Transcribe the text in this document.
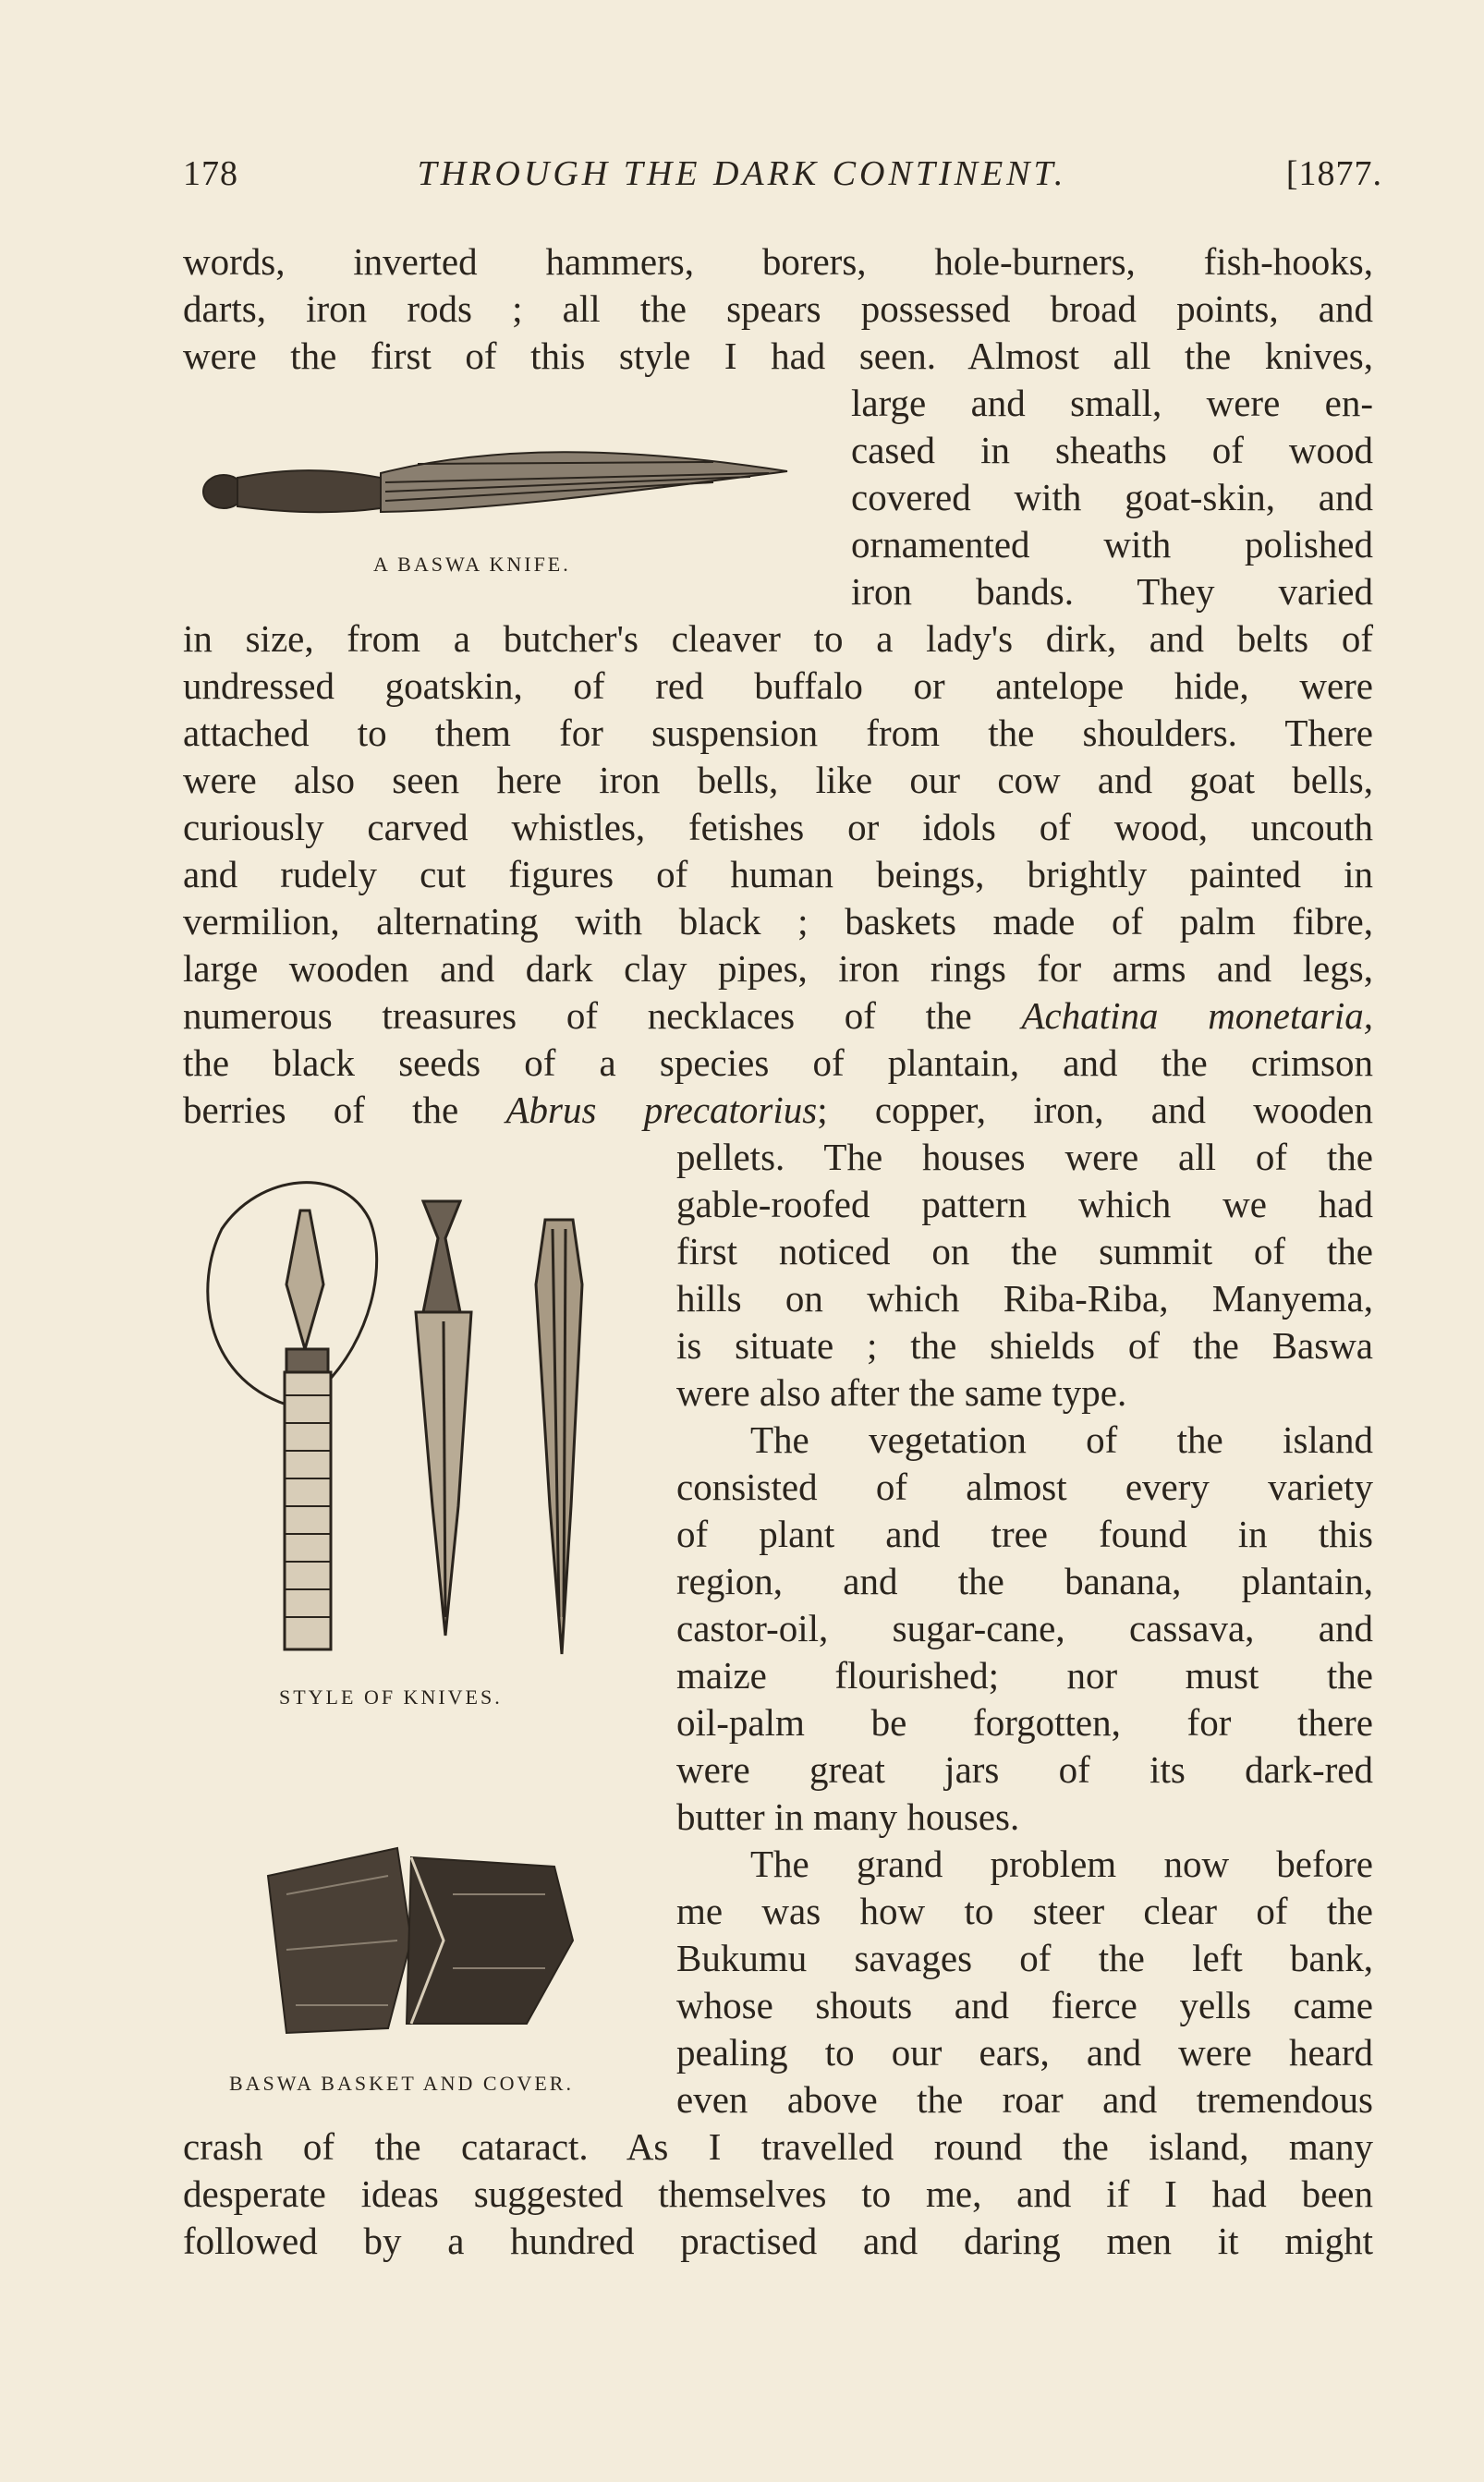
178	THROUGH THE DARK CONTINENT.	[1877.
words, inverted hammers, borers, hole-burners, fish-hooks,
darts, iron rods ; all the spears possessed broad points, and
were the first of this style I had seen. Almost all the knives,
large and small, were en-
cased in sheaths of wood
covered with goat-skin, and
ornamented with polished
iron bands. They varied
in size, from a butcher's cleaver to a lady's dirk, and belts of
undressed goatskin, of red buffalo or antelope hide, were
attached to them for suspension from the shoulders. There
were also seen here iron bells, like our cow and goat bells,
curiously carved whistles, fetishes or idols of wood, uncouth
and rudely cut figures of human beings, brightly painted in
vermilion, alternating with black ; baskets made of palm fibre,
large wooden and dark clay pipes, iron rings for arms and legs,
numerous treasures of necklaces of the Achatina monetaria,
the black seeds of a species of plantain, and the crimson
berries of the Abrus precatorius; copper, iron, and wooden
pellets. The houses were all of the
gable-roofed pattern which we had
first noticed on the summit of the
hills on which Riba-Riba, Manyema,
is situate ; the shields of the Baswa
were also after the same type.
The vegetation of the island
consisted of almost every variety
of plant and tree found in this
region, and the banana, plantain,
castor-oil, sugar-cane, cassava, and
maize flourished; nor must the
oil-palm be forgotten, for there
were great jars of its dark-red
butter in many houses.
The grand problem now before
me was how to steer clear of the
Bukumu savages of the left bank,
whose shouts and fierce yells came
pealing to our ears, and were heard
even above the roar and tremendous
crash of the cataract. As I travelled round the island, many
desperate ideas suggested themselves to me, and if I had been
followed by a hundred practised and daring men it might
A BASWA KNIFE.
STYLE OF KNIVES.
BASWA BASKET AND COVER.
